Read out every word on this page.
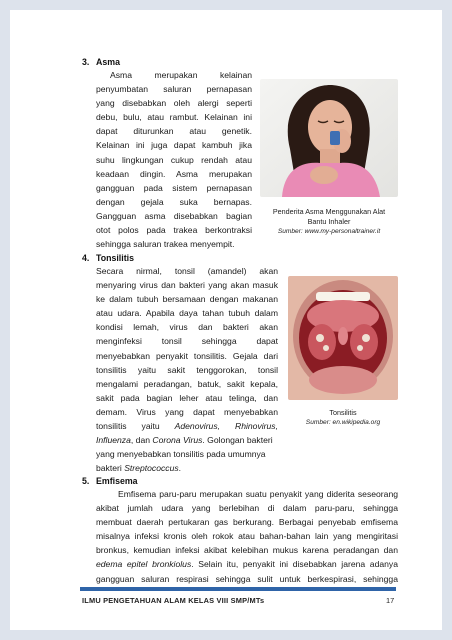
3. Asma
Asma merupakan kelainan
penyumbatan saluran pernapasan
yang disebabkan oleh alergi seperti
debu, bulu, atau rambut. Kelainan ini
dapat diturunkan atau genetik.
Kelainan ini juga dapat kambuh jika
suhu lingkungan cukup rendah atau
keadaan dingin. Asma merupakan
gangguan pada sistem pernapasan
dengan gejala suka bernapas.
Gangguan asma disebabkan bagian
otot polos pada trakea berkontraksi
sehingga saluran trakea menyempit.
Penderita Asma Menggunakan Alat
Bantu Inhaler
Sumber: www.my-personaltrainer.it
4. Tonsilitis
Secara nirmal, tonsil (amandel) akan
menyaring virus dan bakteri yang akan masuk
ke dalam tubuh bersamaan dengan makanan
atau udara. Apabila daya tahan tubuh dalam
kondisi lemah, virus dan bakteri akan
menginfeksi tonsil sehingga dapat
menyebabkan penyakit tonsilitis. Gejala dari
tonsilitis yaitu sakit tenggorokan, tonsil
mengalami peradangan, batuk, sakit kepala,
sakit pada bagian leher atau telinga, dan
demam. Virus yang dapat menyebabkan
tonsilitis yaitu Adenovirus, Rhinovirus,
Influenza, dan Corona Virus. Golongan bakteri
yang menyebabkan tonsilitis pada umumnya
bakteri Streptococcus.
Tonsilitis
Sumber: en.wikipedia.org
5. Emfisema
Emfisema paru-paru merupakan suatu penyakit yang diderita seseorang
akibat jumlah udara yang berlebihan di dalam paru-paru, sehingga
membuat daerah pertukaran gas berkurang. Berbagai penyebab emfisema
misalnya infeksi kronis oleh rokok atau bahan-bahan lain yang mengiritasi
bronkus, kemudian infeksi akibat kelebihan mukus karena peradangan dan
edema epitel bronkiolus. Selain itu, penyakit ini disebabkan jarena adanya
gangguan saluran respirasi sehingga sulit untuk berkespirasi, sehingga
ILMU PENGETAHUAN ALAM KELAS VIII SMP/MTs	17
